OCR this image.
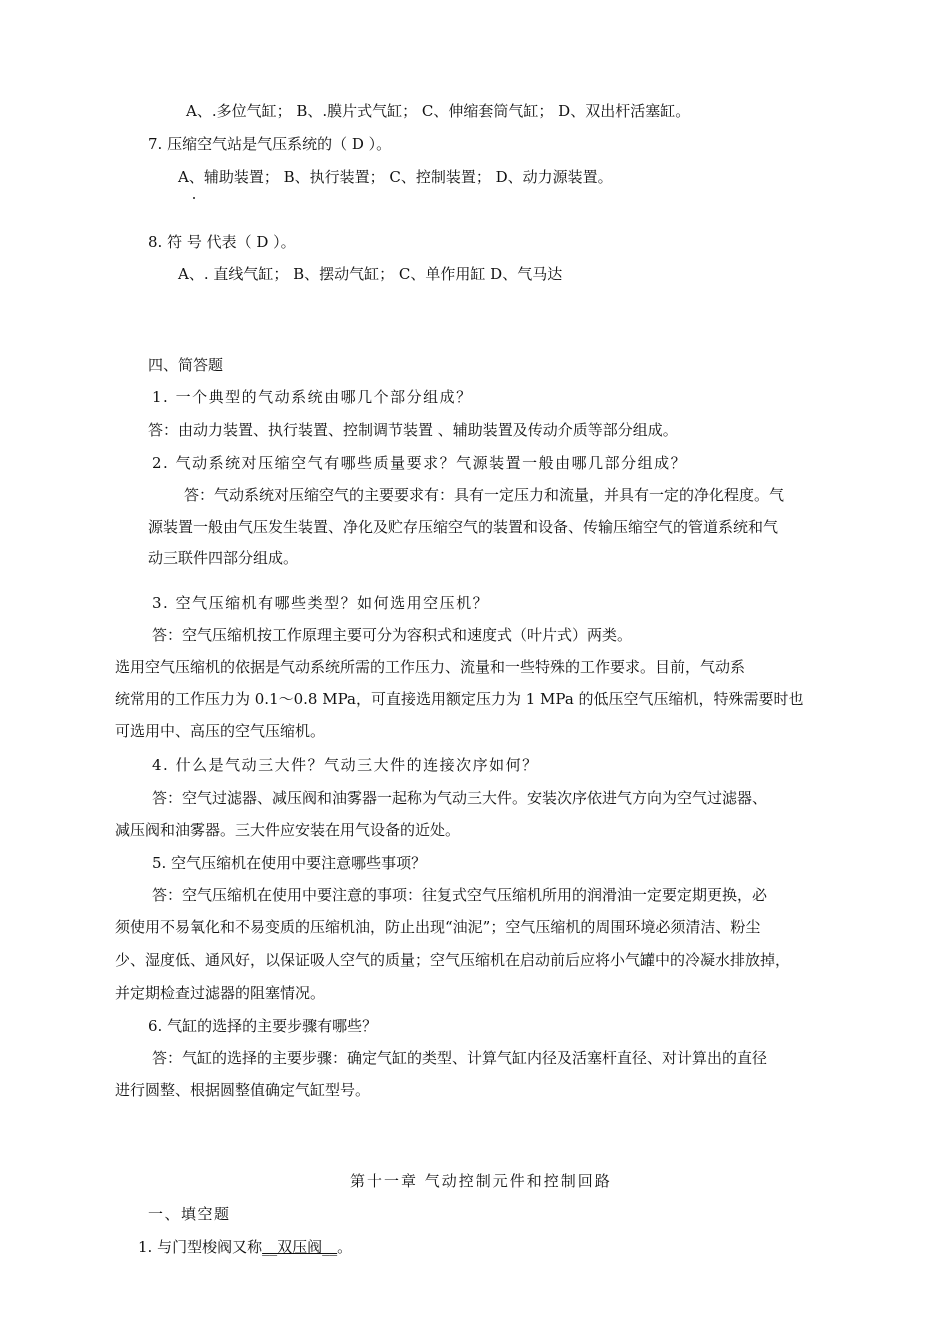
A、.多位气缸； B、.膜片式气缸； C、伸缩套筒气缸； D、双出杆活塞缸。
7. 压缩空气站是气压系统的（ D ）。
A、辅助装置； B、执行装置； C、控制装置； D、动力源装置。
8. 符 号 代表（ D ）。
A、. 直线气缸； B、摆动气缸； C、单作用缸 D、气马达
四、简答题
1. 一个典型的气动系统由哪几个部分组成？
答：由动力装置、执行装置、控制调节装置 、辅助装置及传动介质等部分组成。
2. 气动系统对压缩空气有哪些质量要求？气源装置一般由哪几部分组成？
答：气动系统对压缩空气的主要要求有：具有一定压力和流量，并具有一定的净化程度。气
源装置一般由气压发生装置、净化及贮存压缩空气的装置和设备、传输压缩空气的管道系统和气
动三联件四部分组成。
3. 空气压缩机有哪些类型？如何选用空压机？
答：空气压缩机按工作原理主要可分为容积式和速度式（叶片式）两类。
选用空气压缩机的依据是气动系统所需的工作压力、流量和一些特殊的工作要求。目前，气动系
统常用的工作压力为 0.1～0.8 MPa，可直接选用额定压力为 1 MPa 的低压空气压缩机，特殊需要时也
可选用中、高压的空气压缩机。
4. 什么是气动三大件？气动三大件的连接次序如何？
答：空气过滤器、减压阀和油雾器一起称为气动三大件。安装次序依进气方向为空气过滤器、
减压阀和油雾器。三大件应安装在用气设备的近处。
5. 空气压缩机在使用中要注意哪些事项？
答：空气压缩机在使用中要注意的事项：往复式空气压缩机所用的润滑油一定要定期更换，必
须使用不易氧化和不易变质的压缩机油，防止出现“油泥”；空气压缩机的周围环境必须清洁、粉尘
少、湿度低、通风好，以保证吸人空气的质量；空气压缩机在启动前后应将小气罐中的冷凝水排放掉，
并定期检查过滤器的阻塞情况。
6. 气缸的选择的主要步骤有哪些？
答：气缸的选择的主要步骤：确定气缸的类型、计算气缸内径及活塞杆直径、对计算出的直径
进行圆整、根据圆整值确定气缸型号。
第十一章 气动控制元件和控制回路
一、填空题
1. 与门型梭阀又称__双压阀__。
